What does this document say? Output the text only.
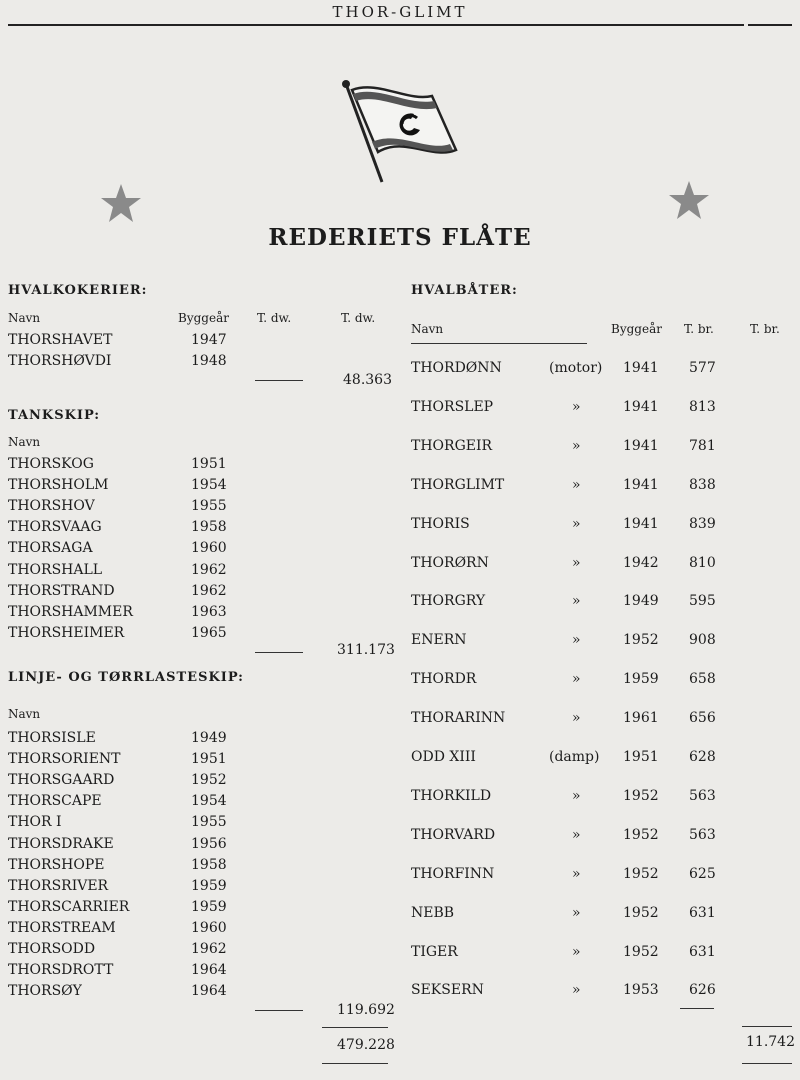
THOR-GLIMT
REDERIETS FLÅTE
HVALKOKERIER:
Navn	Byggeår T. dw.	T. dw.
THORSHAVET	1947
THORSHØVDI	1948
48.363
TANKSKIP:
Navn
THORSKOG	1951
THORSHOLM	1954
THORSHOV	1955
THORSVAAG	1958
THORSAGA	1960
THORSHALL	1962
THORSTRAND	1962
THORSHAMMER	1963
THORSHEIMER	1965
311.173
LINJE- OG TØRRLASTESKIP:
Navn
THORSISLE	1949
THORSORIENT	1951
THORSGAARD	1952
THORSCAPE	1954
THOR I	1955
THORSDRAKE	1956
THORSHOPE	1958
THORSRIVER	1959
THORSCARRIER	1959
THORSTREAM	1960
THORSODD	1962
THORSDROTT	1964
THORSØY	1964
119.692
479.228
HVALBÅTER:
Navn	Byggeår T. br.	T. br.
THORDØNN	(motor) 1941 577
THORSLEP	»	1941 813
THORGEIR	»	1941 781
THORGLIMT	»	1941 838
THORIS	»	1941 839
THORØRN	»	1942 810
THORGRY	»	1949 595
ENERN	»	1952 908
THORDR	»	1959 658
THORARINN	»	1961 656
ODD XIII	(damp) 1951 628
THORKILD	»	1952 563
THORVARD	»	1952 563
THORFINN	»	1952 625
NEBB	»	1952 631
TIGER	»	1952 631
SEKSERN	»	1953 626
11.742
